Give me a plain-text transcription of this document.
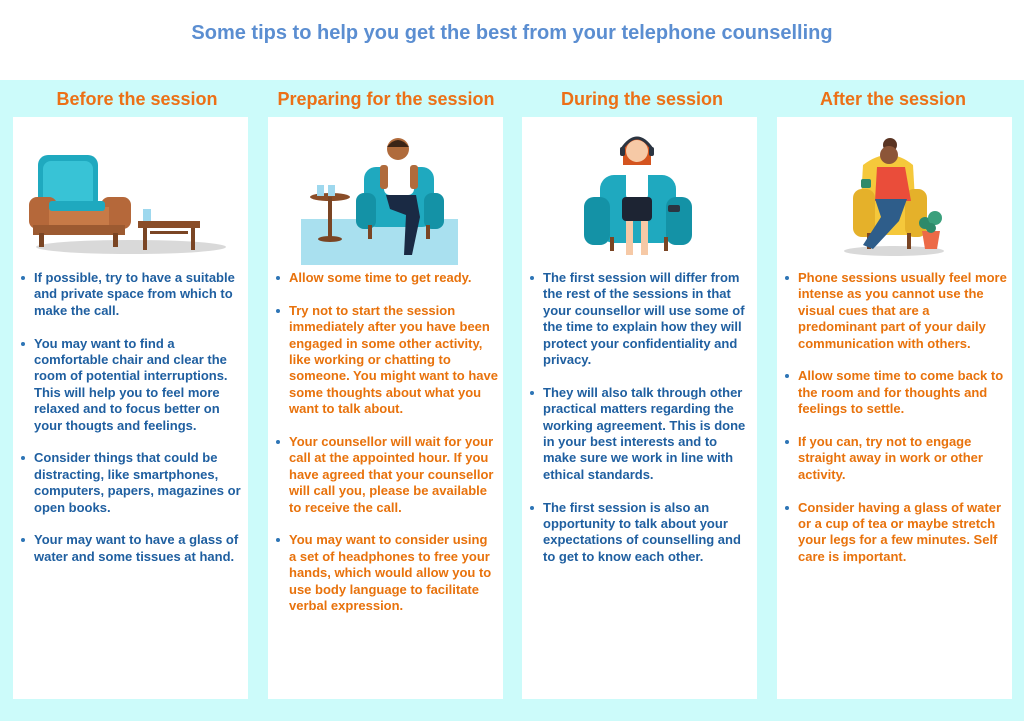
Some tips to help you get the best from your telephone counselling
Before the session
If possible, try to have a suitable and private space from which to make the call.
You may want to find a comfortable chair and clear the room of potential interruptions. This will help you to feel more relaxed and to focus better on your thougts and feelings.
Consider things that could be distracting, like smartphones, computers, papers, magazines or open books.
Your may want to have a glass of water and some tissues at hand.
Preparing for the session
Allow some time to get ready.
Try not to start the session immediately after you have been engaged in some other activity, like working or chatting to someone. You might want to have some thoughts about what you want to talk about.
Your counsellor will wait for your call at the appointed hour. If you have agreed that your counsellor will call you, please be available to receive the call.
You may want to consider using a set of headphones to free your hands, which would allow you to use body language to facilitate verbal expression.
During the session
The first session will differ from the rest of the sessions in that your counsellor will use some of the time to explain how they will protect your confidentiality and privacy.
They will also talk through other practical matters regarding the working agreement. This is done in your best interests and to make sure we work in line with ethical standards.
The first session is also an opportunity to talk about your expectations of counselling and to get to know each other.
After the session
Phone sessions usually feel more intense as you cannot use the visual cues that are a predominant part of your daily communication with others.
Allow some time to come back to the room and for thoughts and feelings to settle.
If you can, try not to engage straight away in work or other activity.
Consider having a glass of water or a cup of tea or maybe stretch your legs for a few minutes. Self care is important.
